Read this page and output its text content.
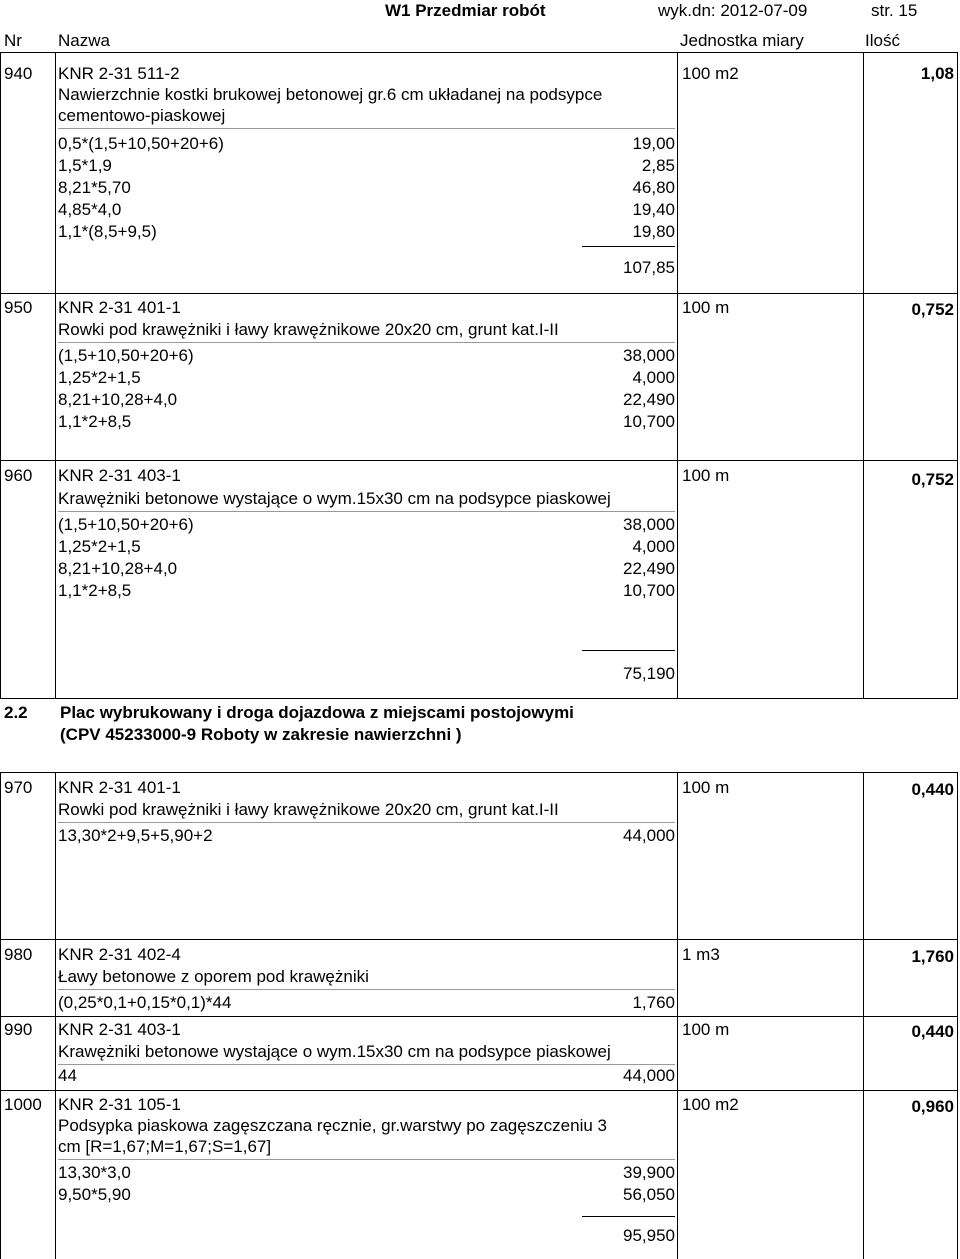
W1 Przedmiar robót	wyk.dn: 2012-07-09	str. 15
Nr Nazwa	Jednostka miary	Ilość
940 KNR 2-31 511-2
Nawierzchnie kostki brukowej betonowej gr.6 cm układanej na podsypce
cementowo-piaskowej
100 m2	1,08
0,5*(1,5+10,50+20+6)	19,00
1,5*1,9	2,85
8,21*5,70	46,80
4,85*4,0	19,40
1,1*(8,5+9,5)	19,80
107,85
950 KNR 2-31 401-1
Rowki pod krawężniki i ławy krawężnikowe 20x20 cm, grunt kat.I-II
100 m	0,752
(1,5+10,50+20+6)	38,000
1,25*2+1,5	4,000
8,21+10,28+4,0	22,490
1,1*2+8,5	10,700
960 KNR 2-31 403-1
Krawężniki betonowe wystające o wym.15x30 cm na podsypce piaskowej
100 m	0,752
(1,5+10,50+20+6)	38,000
1,25*2+1,5	4,000
8,21+10,28+4,0	22,490
1,1*2+8,5	10,700
75,190
2.2 Plac wybrukowany i droga dojazdowa z miejscami postojowymi
(CPV 45233000-9 Roboty w zakresie nawierzchni )
970 KNR 2-31 401-1
Rowki pod krawężniki i ławy krawężnikowe 20x20 cm, grunt kat.I-II
100 m	0,440
13,30*2+9,5+5,90+2	44,000
980 KNR 2-31 402-4
Ławy betonowe z oporem pod krawężniki
1 m3	1,760
(0,25*0,1+0,15*0,1)*44	1,760
990 KNR 2-31 403-1
Krawężniki betonowe wystające o wym.15x30 cm na podsypce piaskowej
100 m	0,440
44	44,000
1000 KNR 2-31 105-1
Podsypka piaskowa zagęszczana ręcznie, gr.warstwy po zagęszczeniu 3
cm [R=1,67;M=1,67;S=1,67]
100 m2	0,960
13,30*3,0	39,900
9,50*5,90	56,050
95,950
